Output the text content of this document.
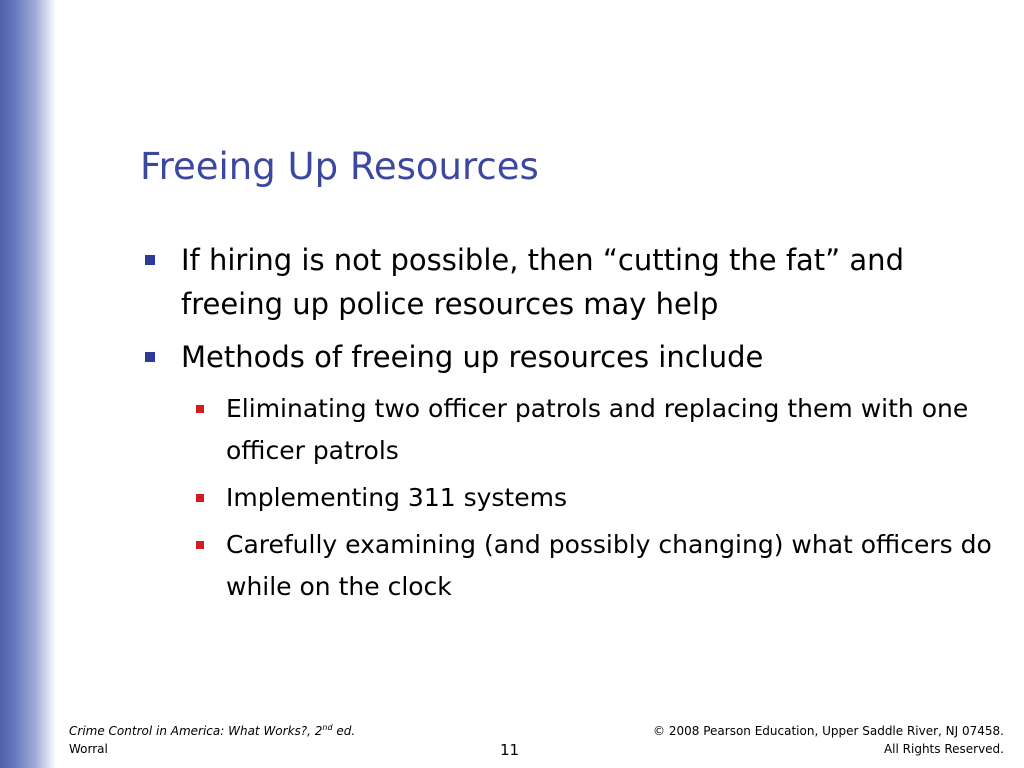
Freeing Up Resources
If hiring is not possible, then “cutting the fat” and freeing up police resources may help
Methods of freeing up resources include
Eliminating two officer patrols and replacing them with one officer patrols
Implementing 311 systems
Carefully examining (and possibly changing) what officers do while on the clock
Crime Control in America: What Works?, 2nd ed.
Worral	11
© 2008 Pearson Education, Upper Saddle River, NJ 07458.
All Rights Reserved.
